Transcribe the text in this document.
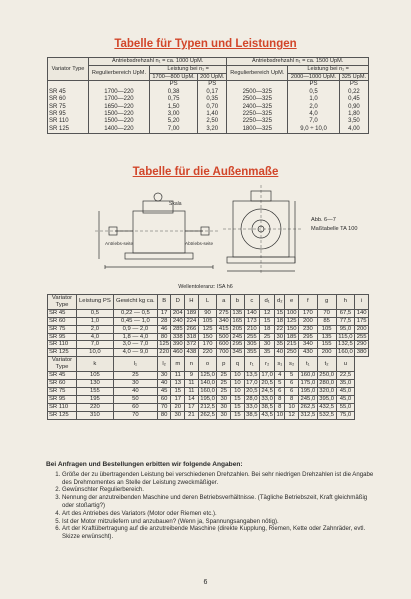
Tabelle für Typen und Leistungen
Variator Type	Antriebsdrehzahl n₁ = ca. 1000 UpM.			Antriebsdrehzahl n₁ = ca. 1500 UpM.		
	Regulierbereich UpM.	Leistung bei n₁ =		Regulierbereich UpM.	Leistung bei n₁ =	
		1700—800 UpM.	200 UpM.		2000—1000 UpM.	325 UpM.
		PS	PS		PS	PS
SR 45	1700—220	0,38	0,17	2500—325	0,5	0,22
SR 60	1700—220	0,75	0,35	2500—325	1,0	0,45
SR 75	1650—220	1,50	0,70	2400—325	2,0	0,90
SR 95	1500—220	3,00	1,40	2250—325	4,0	1,80
SR 110	1500—220	5,20	2,50	2250—325	7,0	3,50
SR 125	1400—220	7,00	3,20	1800—325	9,0 ÷ 10,0	4,00
Tabelle für die Außenmaße
Skala
Antriebs-seite	Abtriebs-seite
Abb. 6—7
Maßtabelle TA 100
Wellentoleranz: ISA h6
Variator Type	Leistung PS	Gewicht kg ca.	B	D	H	L	a	b	c	d₁	d₂	e	f	g	h	i
SR 45	0,5	0,22 — 0,5	17	204	189	90	275	135	140	12	15	100	170	70	67,5	140
SR 60	1,0	0,45 — 1,0	28	240	224	105	340	165	173	15	18	125	200	85	77,5	175
SR 75	2,0	0,9 — 2,0	46	285	266	125	415	205	210	18	22	150	230	105	95,0	200
SR 95	4,0	1,8 — 4,0	80	338	318	150	500	245	255	25	30	185	295	135	115,0	255
SR 110	7,0	3,0 — 7,0	125	390	372	170	600	295	305	30	35	215	340	155	132,5	290
SR 125	10,0	4,0 — 9,0	220	460	438	220	700	345	355	35	40	250	430	200	160,0	380
Variator Type	k	l₁	l₂	m	n	o	p	q	r₁	r₂	s₁	s₂	t₁	t₂	u	
SR 45	105	25	30	11	9	125,0	25	10	13,5	17,0	4	5	160,0	250,0	22,5	
SR 60	130	30	40	13	11	140,0	25	10	17,0	20,5	5	6	175,0	280,0	35,0	
SR 75	155	40	45	15	11	160,0	25	10	20,5	24,5	6	6	195,0	320,0	45,0	
SR 95	195	50	60	17	14	195,0	30	15	28,0	33,0	8	8	245,0	395,0	45,0	
SR 110	220	60	70	20	17	212,5	30	15	33,0	38,5	8	10	262,5	432,5	55,0	
SR 125	310	70	80	30	21	262,5	30	15	38,5	43,5	10	12	312,5	532,5	75,0	
Bei Anfragen und Bestellungen erbitten wir folgende Angaben:
1. Größe der zu übertragenden Leistung bei verschiedenen Drehzahlen. Bei sehr niedrigen Drehzahlen ist die Angabe des Drehmomentes an Stelle der Leistung zweckmäßiger.
2. Gewünschter Regulierbereich.
3. Nennung der anzutreibenden Maschine und deren Betriebsverhältnisse. (Tägliche Betriebszeit, Kraft gleichmäßig oder stoßartig?)
4. Art des Antriebes des Variators (Motor oder Riemen etc.).
5. Ist der Motor mitzuliefern und anzubauen? (Wenn ja, Spannungsangaben nötig).
6. Art der Kraftübertragung auf die anzutreibende Maschine (direkte Kupplung, Riemen, Kette oder Zahnräder, evtl. Skizze erwünscht).
6
